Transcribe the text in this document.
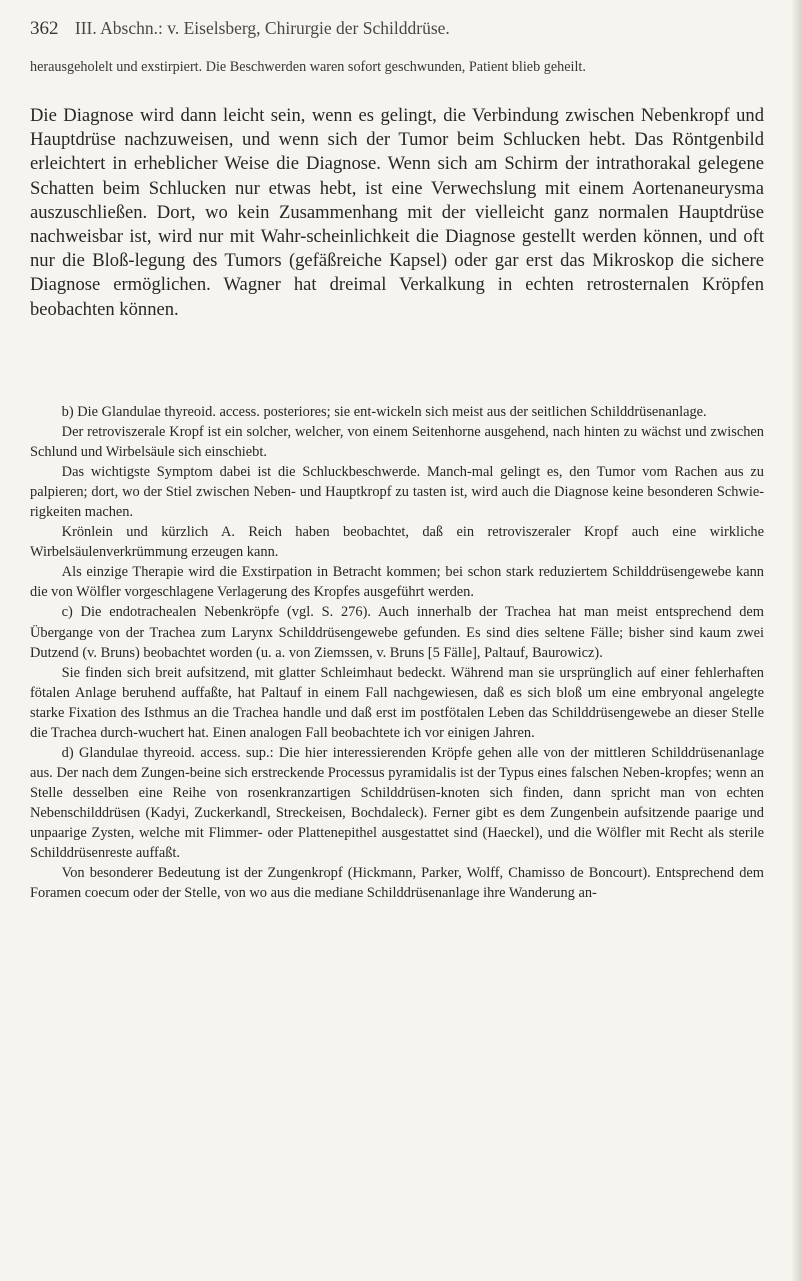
362 III. Abschn.: v. Eiselsberg, Chirurgie der Schilddrüse.

herausgeholelt und exstirpiert. Die Beschwerden waren sofort geschwunden, Patient blieb geheilt.

Die Diagnose wird dann leicht sein, wenn es gelingt, die Verbindung zwischen Nebenkropf und Hauptdrüse nachzuweisen, und wenn sich der Tumor beim Schlucken hebt. Das Röntgenbild erleichtert in erheblicher Weise die Diagnose. Wenn sich am Schirm der intrathorakal gelegene Schatten beim Schlucken nur etwas hebt, ist eine Verwechslung mit einem Aortenaneurysma auszuschließen. Dort, wo kein Zusammenhang mit der vielleicht ganz normalen Hauptdrüse nachweisbar ist, wird nur mit Wahr-scheinlichkeit die Diagnose gestellt werden können, und oft nur die Bloß-legung des Tumors (gefäßreiche Kapsel) oder gar erst das Mikroskop die sichere Diagnose ermöglichen. Wagner hat dreimal Verkalkung in echten retrosternalen Kröpfen beobachten können.

b) Die Glandulae thyreoid. access. posteriores; sie ent-wickeln sich meist aus der seitlichen Schilddrüsenanlage.

Der retroviszerale Kropf ist ein solcher, welcher, von einem Seitenhorne ausgehend, nach hinten zu wächst und zwischen Schlund und Wirbelsäule sich einschiebt.

Das wichtigste Symptom dabei ist die Schluckbeschwerde. Manch-mal gelingt es, den Tumor vom Rachen aus zu palpieren; dort, wo der Stiel zwischen Neben- und Hauptkropf zu tasten ist, wird auch die Diagnose keine besonderen Schwie-rigkeiten machen.

Krönlein und kürzlich A. Reich haben beobachtet, daß ein retroviszeraler Kropf auch eine wirkliche Wirbelsäulenverkrümmung erzeugen kann.

Als einzige Therapie wird die Exstirpation in Betracht kommen; bei schon stark reduziertem Schilddrüsengewebe kann die von Wölfler vorgeschlagene Verlagerung des Kropfes ausgeführt werden.

c) Die endotrachealen Nebenkröpfe (vgl. S. 276). Auch innerhalb der Trachea hat man meist entsprechend dem Übergange von der Trachea zum Larynx Schilddrüsengewebe gefunden. Es sind dies seltene Fälle; bisher sind kaum zwei Dutzend (v. Bruns) beobachtet worden (u. a. von Ziemssen, v. Bruns [5 Fälle], Paltauf, Baurowicz).

Sie finden sich breit aufsitzend, mit glatter Schleimhaut bedeckt. Während man sie ursprünglich auf einer fehlerhaften fötalen Anlage beruhend auffaßte, hat Paltauf in einem Fall nachgewiesen, daß es sich bloß um eine embryonal angelegte starke Fixation des Isthmus an die Trachea handle und daß erst im postfötalen Leben das Schilddrüsengewebe an dieser Stelle die Trachea durch-wuchert hat. Einen analogen Fall beobachtete ich vor einigen Jahren.

d) Glandulae thyreoid. access. sup.: Die hier interessierenden Kröpfe gehen alle von der mittleren Schilddrüsenanlage aus. Der nach dem Zungen-beine sich erstreckende Processus pyramidalis ist der Typus eines falschen Neben-kropfes; wenn an Stelle desselben eine Reihe von rosenkranzartigen Schilddrüsen-knoten sich finden, dann spricht man von echten Nebenschilddrüsen (Kadyi, Zuckerkandl, Streckeisen, Bochdaleck). Ferner gibt es dem Zungenbein aufsitzende paarige und unpaarige Zysten, welche mit Flimmer- oder Plattenepithel ausgestattet sind (Haeckel), und die Wölfler mit Recht als sterile Schilddrüsenreste auffaßt.

Von besonderer Bedeutung ist der Zungenkropf (Hickmann, Parker, Wolff, Chamisso de Boncourt). Entsprechend dem Foramen coecum oder der Stelle, von wo aus die mediane Schilddrüsenanlage ihre Wanderung an-
